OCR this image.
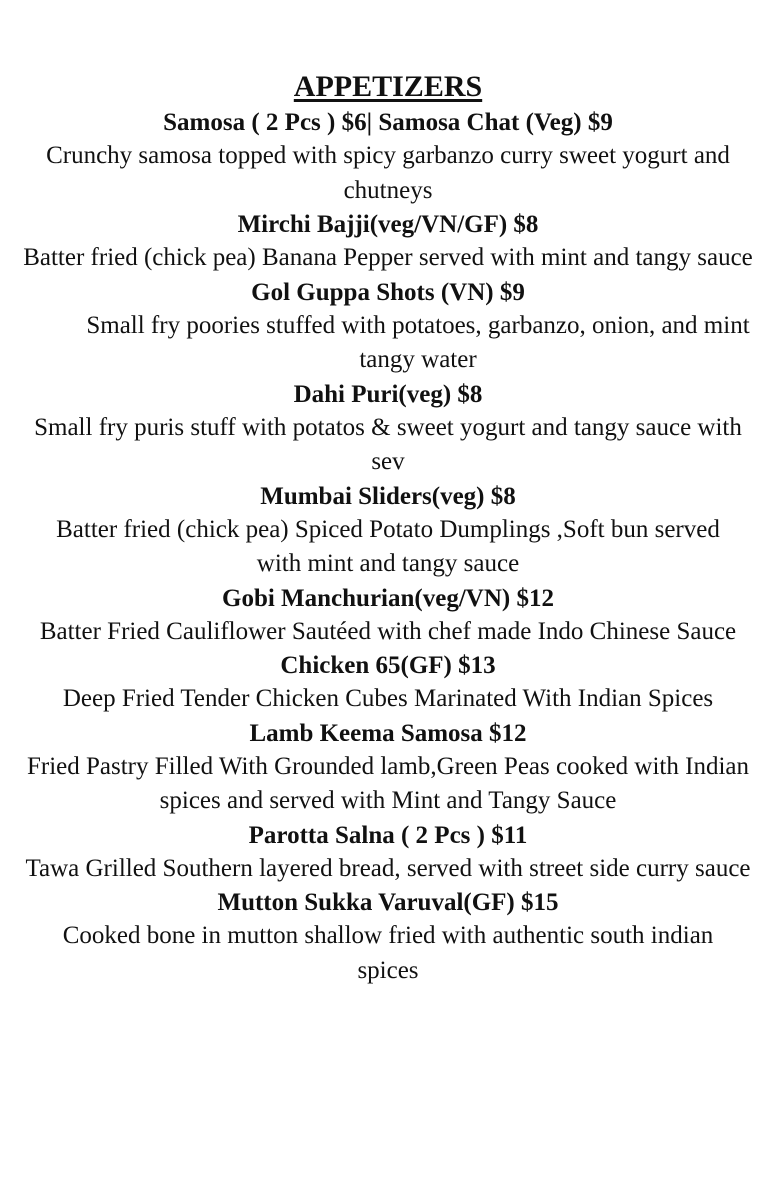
APPETIZERS

Samosa ( 2 Pcs ) $6| Samosa Chat (Veg) $9

Crunchy samosa topped with spicy garbanzo curry sweet yogurt and chutneys

Mirchi Bajji(veg/VN/GF) $8

Batter fried (chick pea) Banana Pepper served with mint and tangy sauce

Gol Guppa Shots (VN) $9

Small fry poories stuffed with potatoes, garbanzo, onion, and mint tangy water

Dahi Puri(veg) $8

Small fry puris stuff with potatos & sweet yogurt and tangy sauce with sev

Mumbai Sliders(veg) $8

Batter fried (chick pea) Spiced Potato Dumplings ,Soft bun served with mint and tangy sauce

Gobi Manchurian(veg/VN) $12

Batter Fried Cauliflower Sautéed with chef made Indo Chinese Sauce

Chicken 65(GF) $13

Deep Fried Tender Chicken Cubes Marinated With Indian Spices

Lamb Keema Samosa $12

Fried Pastry Filled With Grounded lamb,Green Peas cooked with Indian spices and served with Mint and Tangy Sauce

Parotta Salna ( 2 Pcs ) $11

Tawa Grilled Southern layered bread, served with street side curry sauce

Mutton Sukka Varuval(GF) $15

Cooked bone in mutton shallow fried with authentic south indian spices
